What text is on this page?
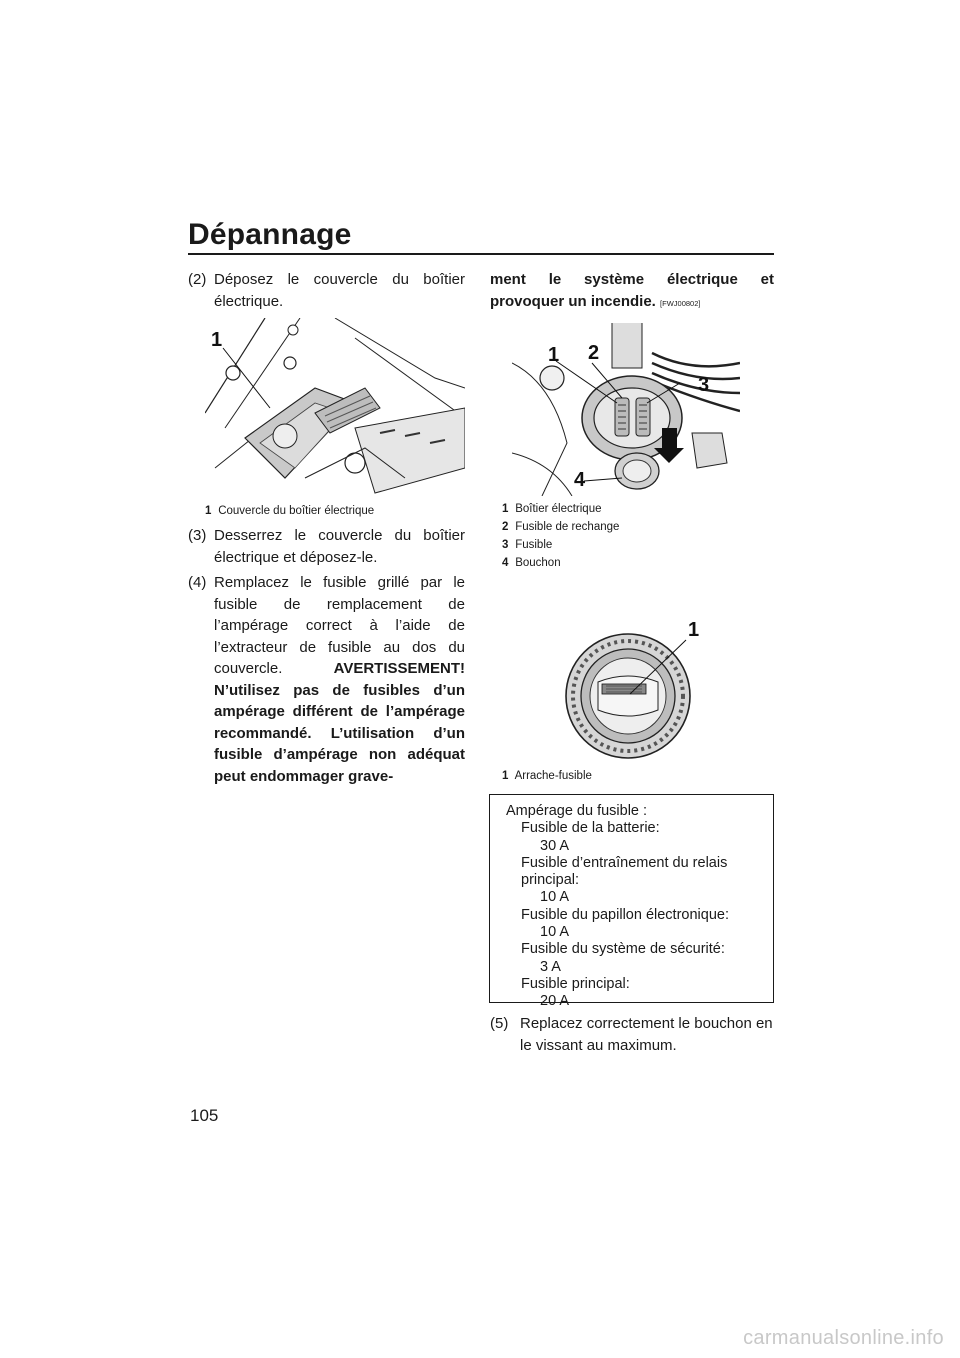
Dépannage
(2) Déposez le couvercle du boîtier électrique.
1
1 Couvercle du boîtier électrique
(3) Desserrez le couvercle du boîtier électrique et déposez-le.
(4) Remplacez le fusible grillé par le fusible de remplacement de l’ampérage correct à l’aide de l’extracteur de fusible au dos du couvercle.	AVERTISSEMENT! N’utilisez pas de fusibles d’un ampérage différent de l’ampérage recommandé. L’utilisation d’un fusible d’ampérage non adéquat peut endommager grave-
ment le système électrique et provoquer un incendie. [FWJ00802]
1 2
3
4
1 Boîtier électrique
2 Fusible de rechange
3 Fusible
4 Bouchon
1
1 Arrache-fusible
Ampérage du fusible :
Fusible de la batterie:
30 A
Fusible d’entraînement du relais principal:
10 A
Fusible du papillon électronique:
10 A
Fusible du système de sécurité:
3 A
Fusible principal:
20 A
(5) Replacez correctement le bouchon en le vissant au maximum.
105
carmanualsonline.info
